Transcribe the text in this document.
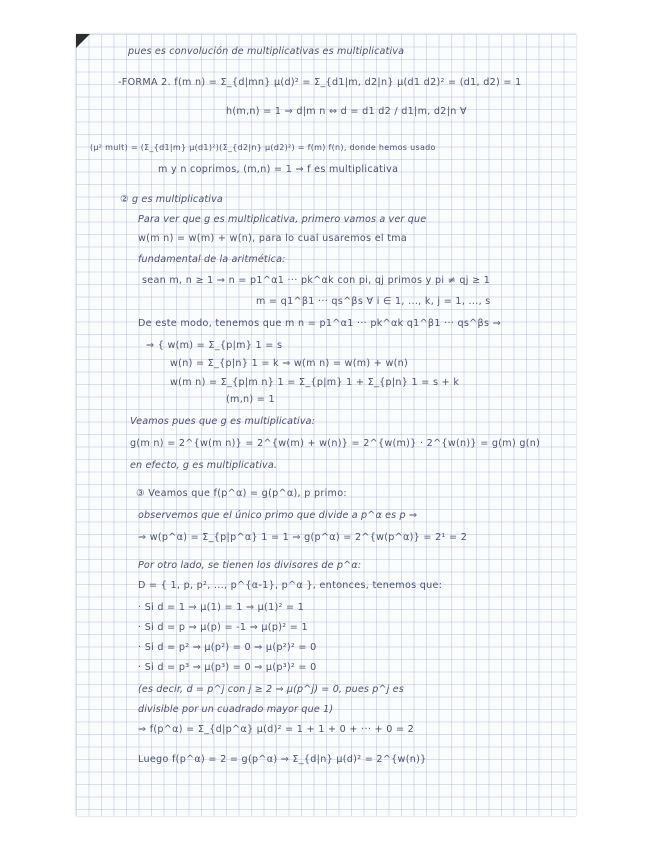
pues es convolución de multiplicativas es multiplicativa
-FORMA 2. f(m n) = Σ_{d|mn} μ(d)² = Σ_{d1|m, d2|n} μ(d1 d2)² = (d1, d2) = 1
h(m,n) = 1 ⇒ d|m n ⇔ d = d1 d2 / d1|m, d2|n ∀
(μ² mult) = (Σ_{d1|m} μ(d1)²)(Σ_{d2|n} μ(d2)²) = f(m) f(n), donde hemos usado
m y n coprimos, (m,n) = 1 ⇒ f es multiplicativa
② g es multiplicativa
Para ver que g es multiplicativa, primero vamos a ver que
w(m n) = w(m) + w(n), para lo cual usaremos el tma
fundamental de la aritmética:
sean m, n ≥ 1 ⇒ n = p1^α1 ··· pk^αk con pi, qj primos y pi ≠ qj ≥ 1
m = q1^β1 ··· qs^βs ∀ i ∈ 1, ..., k, j = 1, ..., s
De este modo, tenemos que m n = p1^α1 ··· pk^αk q1^β1 ··· qs^βs ⇒
⇒ { w(m) = Σ_{p|m} 1 = s
w(n) = Σ_{p|n} 1 = k ⇒ w(m n) = w(m) + w(n)
w(m n) = Σ_{p|m n} 1 = Σ_{p|m} 1 + Σ_{p|n} 1 = s + k
(m,n) = 1
Veamos pues que g es multiplicativa:
g(m n) = 2^{w(m n)} = 2^{w(m) + w(n)} = 2^{w(m)} · 2^{w(n)} = g(m) g(n)
en efecto, g es multiplicativa.
③ Veamos que f(p^α) = g(p^α), p primo:
observemos que el único primo que divide a p^α es p ⇒
⇒ w(p^α) = Σ_{p|p^α} 1 = 1 ⇒ g(p^α) = 2^{w(p^α)} = 2¹ = 2
Por otro lado, se tienen los divisores de p^α:
D = { 1, p, p², ..., p^{α-1}, p^α }, entonces, tenemos que:
· Si d = 1 ⇒ μ(1) = 1 ⇒ μ(1)² = 1
· Si d = p ⇒ μ(p) = -1 ⇒ μ(p)² = 1
· Si d = p² ⇒ μ(p²) = 0 ⇒ μ(p²)² = 0
· Si d = p³ ⇒ μ(p³) = 0 ⇒ μ(p³)² = 0
(es decir, d = p^j con j ≥ 2 ⇒ μ(p^j) = 0, pues p^j es
divisible por un cuadrado mayor que 1)
⇒ f(p^α) = Σ_{d|p^α} μ(d)² = 1 + 1 + 0 + ··· + 0 = 2
Luego f(p^α) = 2 = g(p^α) ⇒ Σ_{d|n} μ(d)² = 2^{w(n)}
